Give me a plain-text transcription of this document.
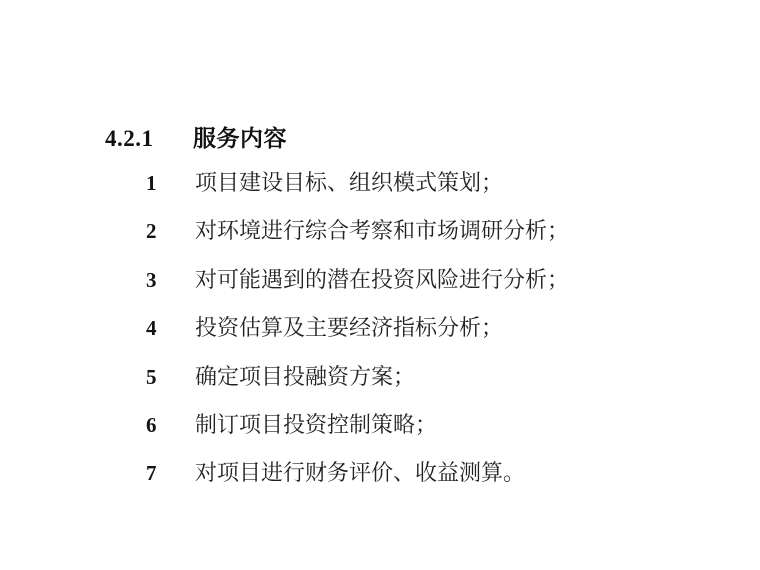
4.2.1	服务内容
1	项目建设目标、组织模式策划；
2	对环境进行综合考察和市场调研分析；
3	对可能遇到的潜在投资风险进行分析；
4	投资估算及主要经济指标分析；
5	确定项目投融资方案；
6	制订项目投资控制策略；
7	对项目进行财务评价、收益测算。
